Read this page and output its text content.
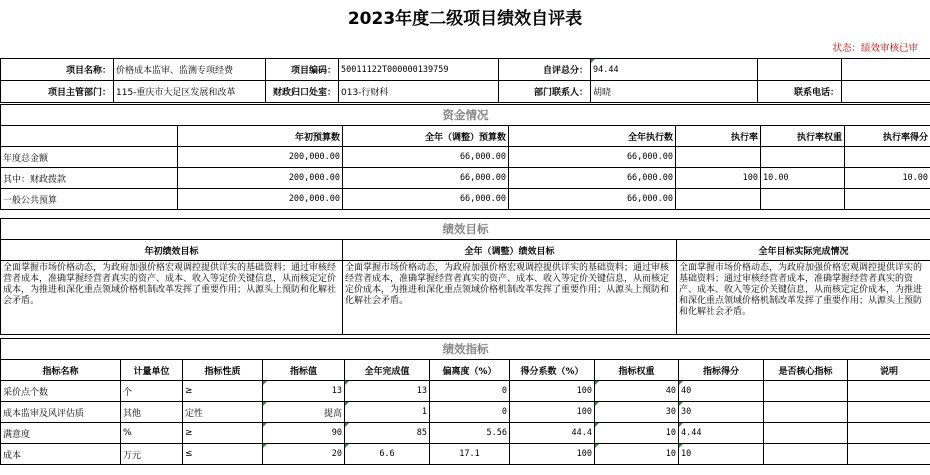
2023年度二级项目绩效自评表
状态：绩效审核已审
项目名称：	价格成本监审、监测专项经费	项目编码：	50011122T000000139759	自评总分：	94.44		
项目主管部门：	115-重庆市大足区发展和改革	财政归口处室：	013-行财科	部门联系人：	胡晓	联系电话：	
资金情况						
	年初预算数	全年（调整）预算数	全年执行数	执行率	执行率权重	执行率得分
年度总金额	200,000.00	66,000.00	66,000.00			
其中：财政拨款	200,000.00	66,000.00	66,000.00	100	10.00	10.00
一般公共预算	200,000.00	66,000.00	66,000.00			
绩效目标		
年初绩效目标	全年（调整）绩效目标	全年目标实际完成情况
全面掌握市场价格动态，为政府加强价格宏观调控提供详实的基础资料；通过审核经营者成本，准确掌握经营者真实的资产、成本、收入等定价关键信息，从而核定定价成本，为推进和深化重点领域价格机制改革发挥了重要作用；从源头上预防和化解社会矛盾。	全面掌握市场价格动态，为政府加强价格宏观调控提供详实的基础资料；通过审核经营者成本，准确掌握经营者真实的资产、成本、收入等定价关键信息，从而核定定价成本，为推进和深化重点领域价格机制改革发挥了重要作用；从源头上预防和化解社会矛盾。	全面掌握市场价格动态，为政府加强价格宏观调控提供详实的基础资料；通过审核经营者成本，准确掌握经营者真实的资产、成本、收入等定价关键信息，从而核定定价成本，为推进和深化重点领域价格机制改革发挥了重要作用；从源头上预防和化解社会矛盾。
绩效指标										
指标名称	计量单位	指标性质	指标值	全年完成值	偏离度（%）	得分系数（%）	指标权重	指标得分	是否核心指标	说明
采价点个数	个	≥	13	13	0	100	40	40		
成本监审及风评估质	其他	定性	提高	1	0	100	30	30		
满意度	%	≥	90	85	5.56	44.4	10	4.44		
成本	万元	≤	20	6.6	17.1	100	10	10		
